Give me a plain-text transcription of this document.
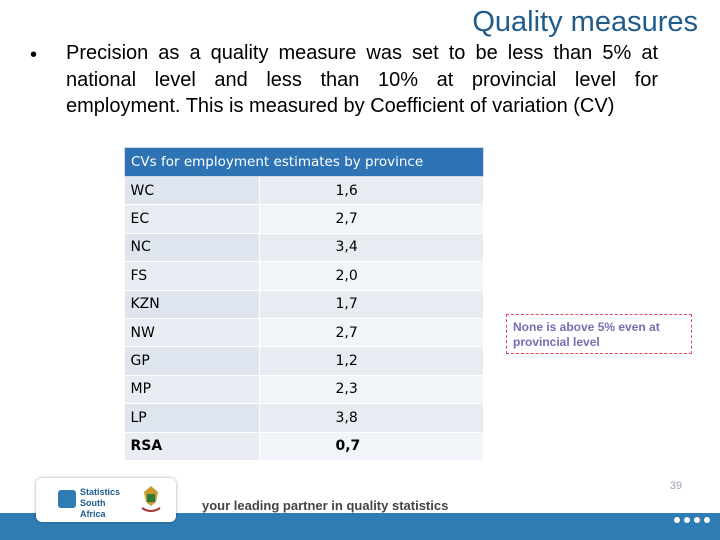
Quality measures
• Precision as a quality measure was set to be less than 5% at national level and less than 10% at provincial level for employment. This is measured by Coefficient of variation (CV)
CVs for employment estimates by province	
WC	1,6
EC	2,7
NC	3,4
FS	2,0
KZN	1,7
NW	2,7
GP	1,2
MP	2,3
LP	3,8
RSA	0,7
None is above 5% even at provincial level
Statistics South Africa
your leading partner in quality statistics
39
